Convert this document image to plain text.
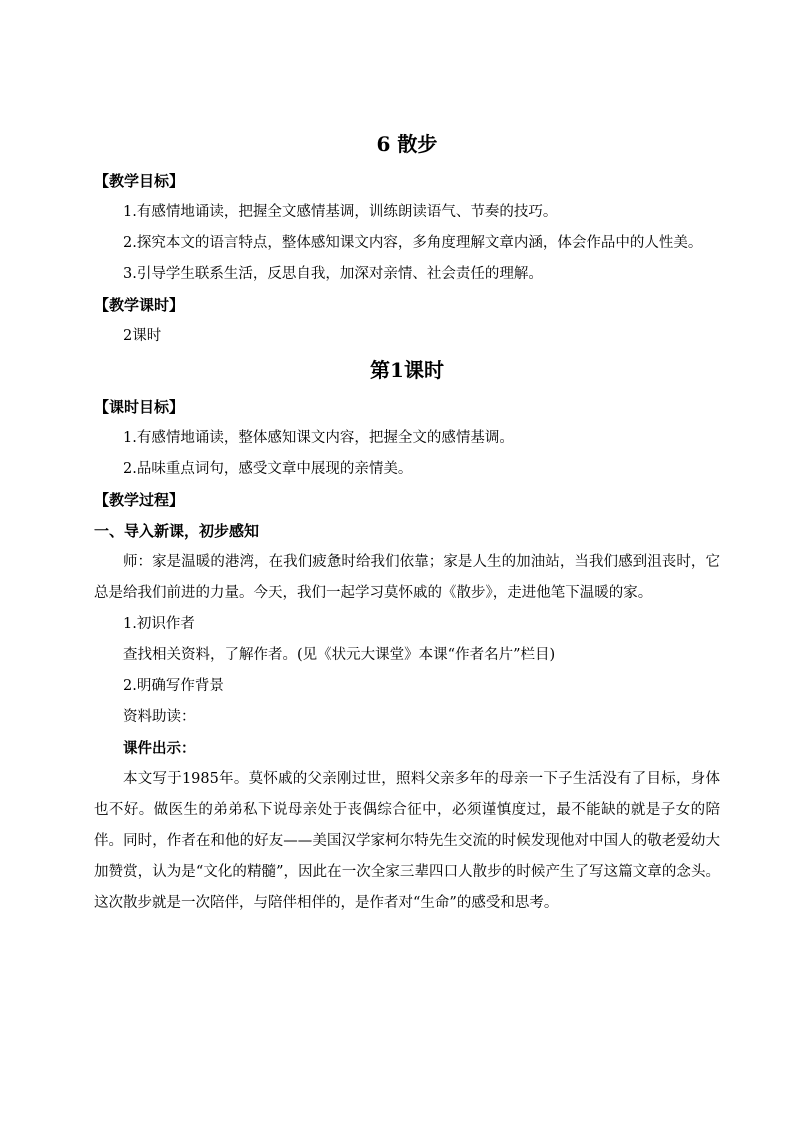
6 散步
【教学目标】

1.有感情地诵读，把握全文感情基调，训练朗读语气、节奏的技巧。

2.探究本文的语言特点，整体感知课文内容，多角度理解文章内涵，体会作品中的人性美。

3.引导学生联系生活，反思自我，加深对亲情、社会责任的理解。

【教学课时】

2课时

第1课时
【课时目标】

1.有感情地诵读，整体感知课文内容，把握全文的感情基调。

2.品味重点词句，感受文章中展现的亲情美。

【教学过程】
一、导入新课，初步感知

师：家是温暖的港湾，在我们疲惫时给我们依靠；家是人生的加油站，当我们感到沮丧时，它总是给我们前进的力量。今天，我们一起学习莫怀戚的《散步》，走进他笔下温暖的家。

1.初识作者

查找相关资料，了解作者。(见《状元大课堂》本课“作者名片”栏目)

2.明确写作背景

资料助读：

课件出示：

本文写于1985年。莫怀戚的父亲刚过世，照料父亲多年的母亲一下子生活没有了目标，身体也不好。做医生的弟弟私下说母亲处于丧偶综合征中，必须谨慎度过，最不能缺的就是子女的陪伴。同时，作者在和他的好友——美国汉学家柯尔特先生交流的时候发现他对中国人的敬老爱幼大加赞赏，认为是“文化的精髓”，因此在一次全家三辈四口人散步的时候产生了写这篇文章的念头。这次散步就是一次陪伴，与陪伴相伴的，是作者对“生命”的感受和思考。
